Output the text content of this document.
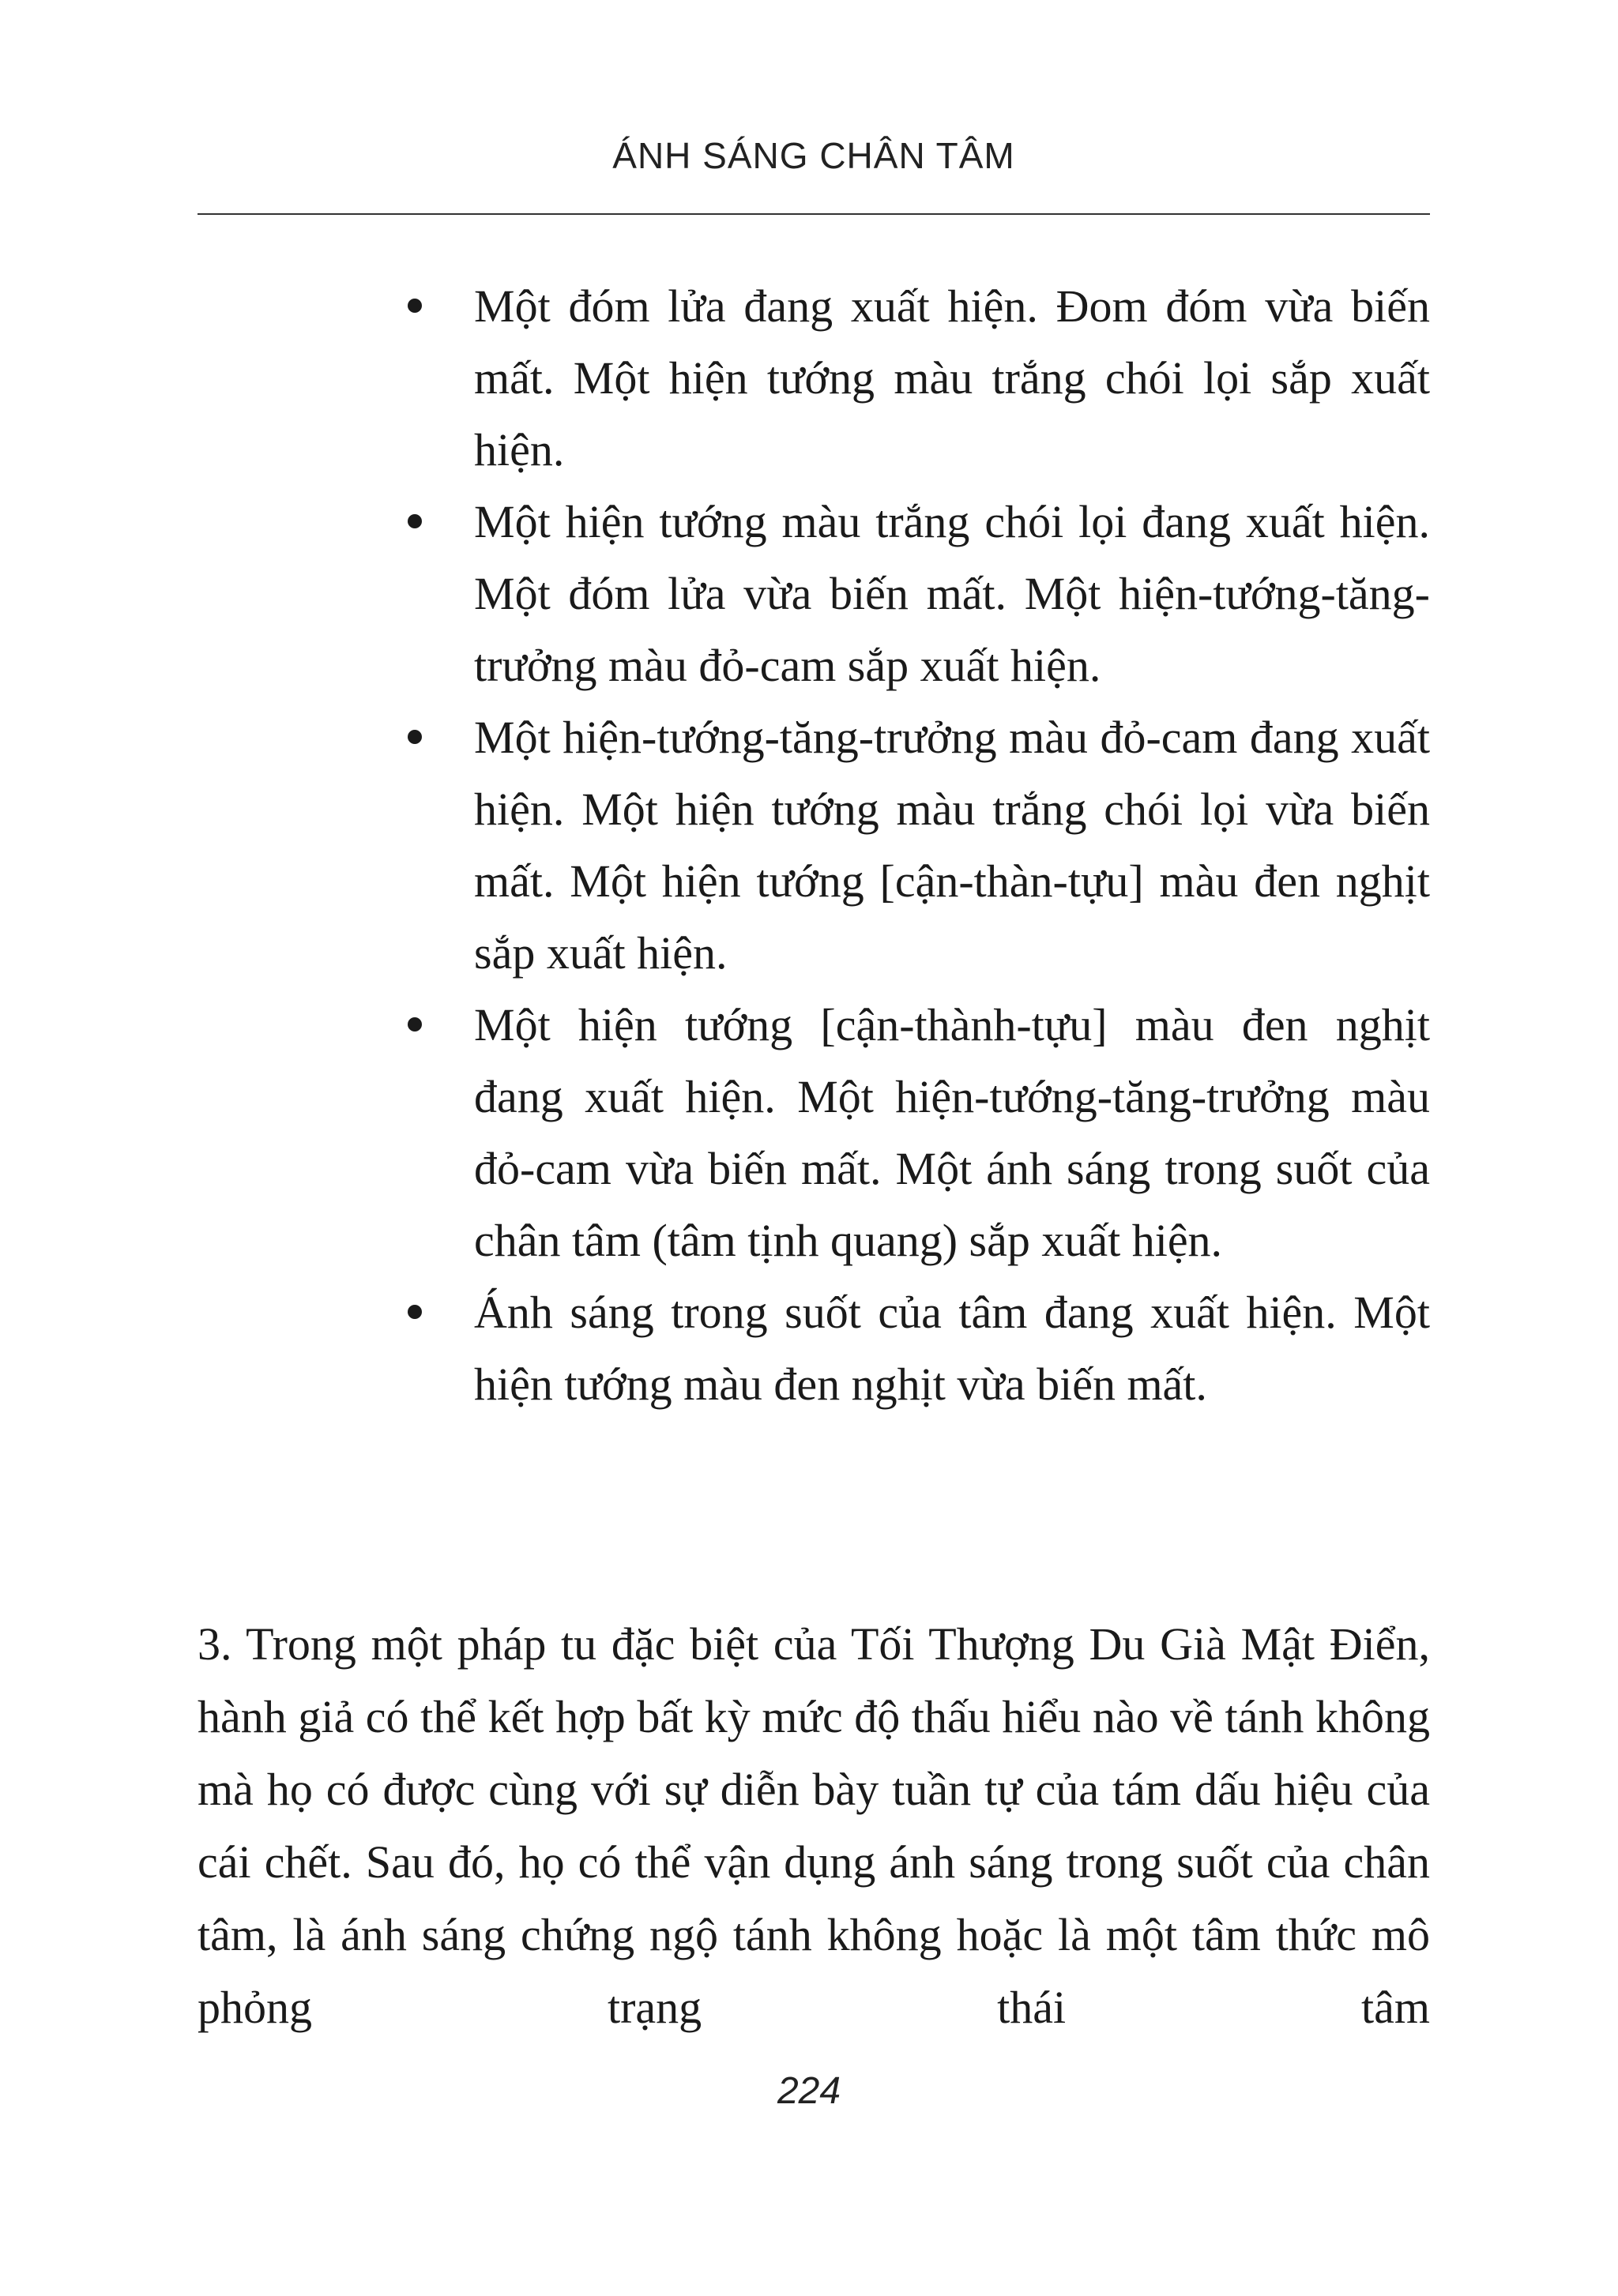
ÁNH SÁNG CHÂN TÂM
Một đóm lửa đang xuất hiện. Đom đóm vừa biến mất. Một hiện tướng màu trắng chói lọi sắp xuất hiện.
Một hiện tướng màu trắng chói lọi đang xuất hiện. Một đóm lửa vừa biến mất. Một hiện-tướng-tăng-trưởng màu đỏ-cam sắp xuất hiện.
Một hiện-tướng-tăng-trưởng màu đỏ-cam đang xuất hiện. Một hiện tướng màu trắng chói lọi vừa biến mất. Một hiện tướng [cận-thàn-tựu] màu đen nghịt sắp xuất hiện.
Một hiện tướng [cận-thành-tựu] màu đen nghịt đang xuất hiện. Một hiện-tướng-tăng-trưởng màu đỏ-cam vừa biến mất. Một ánh sáng trong suốt của chân tâm (tâm tịnh quang) sắp xuất hiện.
Ánh sáng trong suốt của tâm đang xuất hiện. Một hiện tướng màu đen nghịt vừa biến mất.

3. Trong một pháp tu đặc biệt của Tối Thượng Du Già Mật Điển, hành giả có thể kết hợp bất kỳ mức độ thấu hiểu nào về tánh không mà họ có được cùng với sự diễn bày tuần tự của tám dấu hiệu của cái chết. Sau đó, họ có thể vận dụng ánh sáng trong suốt của chân tâm, là ánh sáng chứng ngộ tánh không hoặc là một tâm thức mô phỏng trạng thái tâm

224
